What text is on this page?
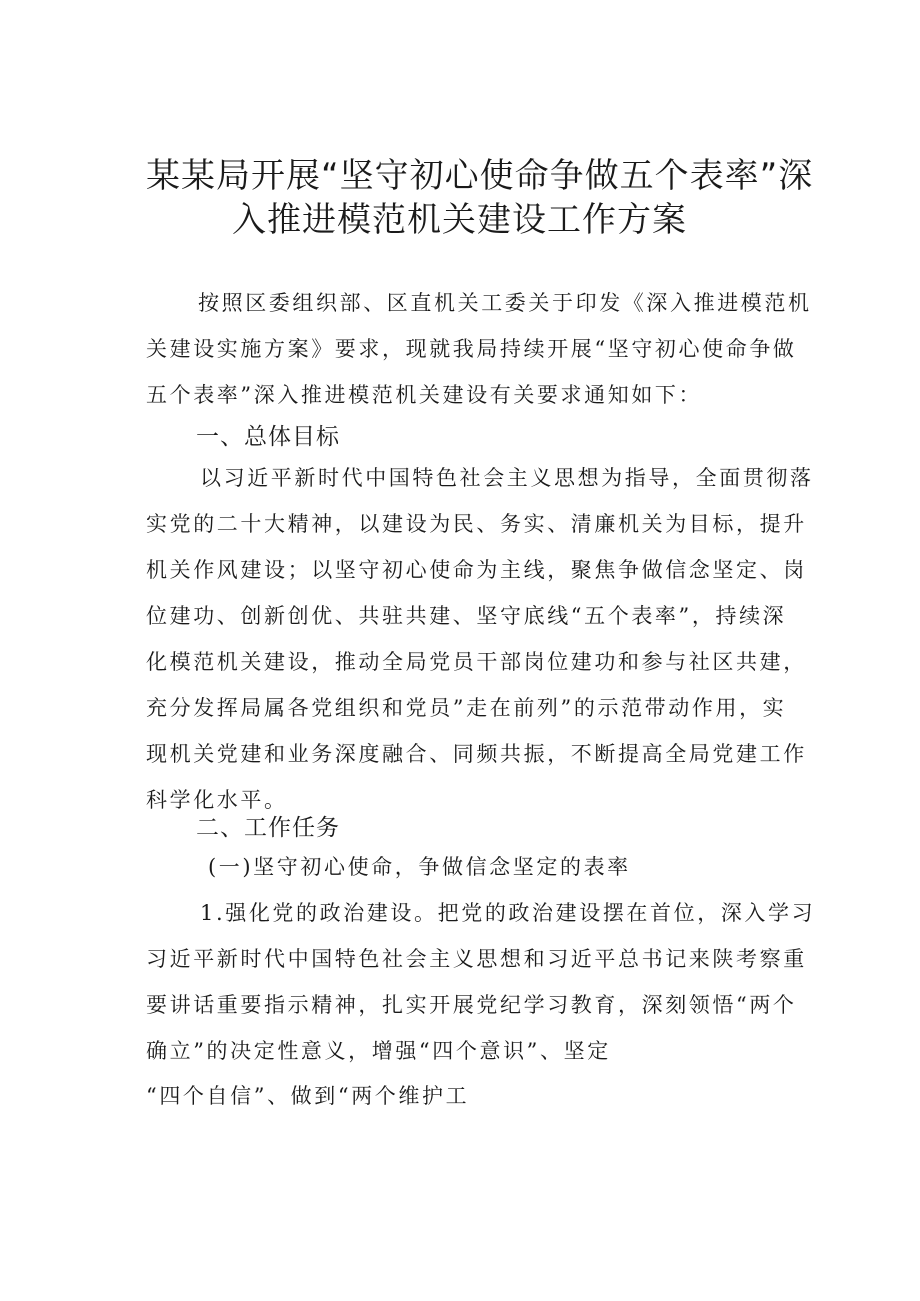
某某局开展“坚守初心使命争做五个表率”深
入推进模范机关建设工作方案
按照区委组织部、区直机关工委关于印发《深入推进模范机
关建设实施方案》要求，现就我局持续开展“坚守初心使命争做
五个表率”深入推进模范机关建设有关要求通知如下：
一、总体目标
以习近平新时代中国特色社会主义思想为指导，全面贯彻落
实党的二十大精神，以建设为民、务实、清廉机关为目标，提升
机关作风建设；以坚守初心使命为主线，聚焦争做信念坚定、岗
位建功、创新创优、共驻共建、坚守底线“五个表率”，持续深
化模范机关建设，推动全局党员干部岗位建功和参与社区共建，
充分发挥局属各党组织和党员”走在前列”的示范带动作用，实
现机关党建和业务深度融合、同频共振，不断提高全局党建工作
科学化水平。
二、工作任务
(一)坚守初心使命，争做信念坚定的表率
1.强化党的政治建设。把党的政治建设摆在首位，深入学习
习近平新时代中国特色社会主义思想和习近平总书记来陕考察重
要讲话重要指示精神，扎实开展党纪学习教育，深刻领悟“两个
确立”的决定性意义，增强“四个意识”、坚定
“四个自信”、做到“两个维护工
